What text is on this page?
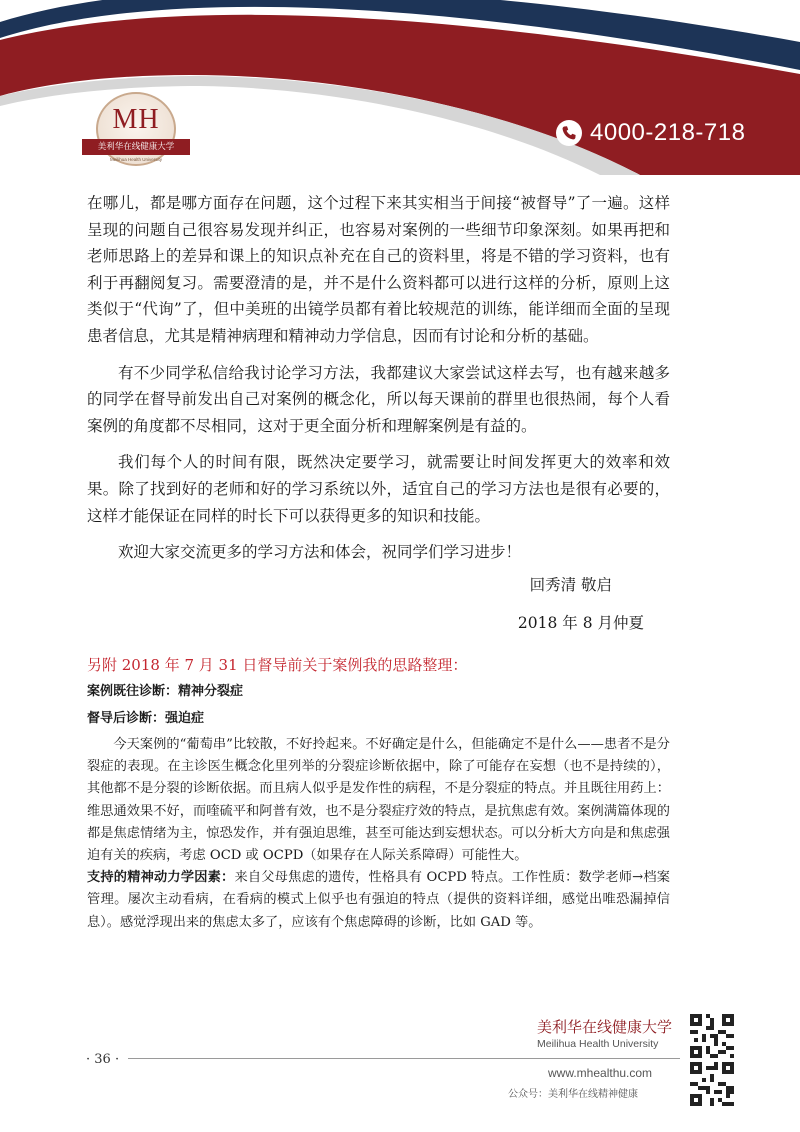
MH
美利华在线健康大学
Meilihua Health University
4000-218-718

在哪儿，都是哪方面存在问题，这个过程下来其实相当于间接“被督导”了一遍。这样呈现的问题自己很容易发现并纠正，也容易对案例的一些细节印象深刻。如果再把和老师思路上的差异和课上的知识点补充在自己的资料里，将是不错的学习资料，也有利于再翻阅复习。需要澄清的是，并不是什么资料都可以进行这样的分析，原则上这类似于“代询”了，但中美班的出镜学员都有着比较规范的训练，能详细而全面的呈现患者信息，尤其是精神病理和精神动力学信息，因而有讨论和分析的基础。

有不少同学私信给我讨论学习方法，我都建议大家尝试这样去写，也有越来越多的同学在督导前发出自己对案例的概念化，所以每天课前的群里也很热闹，每个人看案例的角度都不尽相同，这对于更全面分析和理解案例是有益的。

我们每个人的时间有限，既然决定要学习，就需要让时间发挥更大的效率和效果。除了找到好的老师和好的学习系统以外，适宜自己的学习方法也是很有必要的，这样才能保证在同样的时长下可以获得更多的知识和技能。

欢迎大家交流更多的学习方法和体会，祝同学们学习进步！

回秀清 敬启

2018 年 8 月仲夏

另附 2018 年 7 月 31 日督导前关于案例我的思路整理：

案例既往诊断：精神分裂症

督导后诊断：强迫症

今天案例的“葡萄串”比较散，不好拎起来。不好确定是什么，但能确定不是什么——患者不是分裂症的表现。在主诊医生概念化里列举的分裂症诊断依据中，除了可能存在妄想（也不是持续的），其他都不是分裂的诊断依据。而且病人似乎是发作性的病程，不是分裂症的特点。并且既往用药上：维思通效果不好，而喹硫平和阿普有效，也不是分裂症疗效的特点，是抗焦虑有效。案例满篇体现的都是焦虑情绪为主，惊恐发作，并有强迫思维，甚至可能达到妄想状态。可以分析大方向是和焦虑强迫有关的疾病，考虑 OCD 或 OCPD（如果存在人际关系障碍）可能性大。

支持的精神动力学因素：来自父母焦虑的遗传，性格具有 OCPD 特点。工作性质：数学老师→档案管理。屡次主动看病，在看病的模式上似乎也有强迫的特点（提供的资料详细，感觉出唯恐漏掉信息）。感觉浮现出来的焦虑太多了，应该有个焦虑障碍的诊断，比如 GAD 等。

· 36 ·
美利华在线健康大学
Meilihua Health University
www.mhealthu.com
公众号：美利华在线精神健康
